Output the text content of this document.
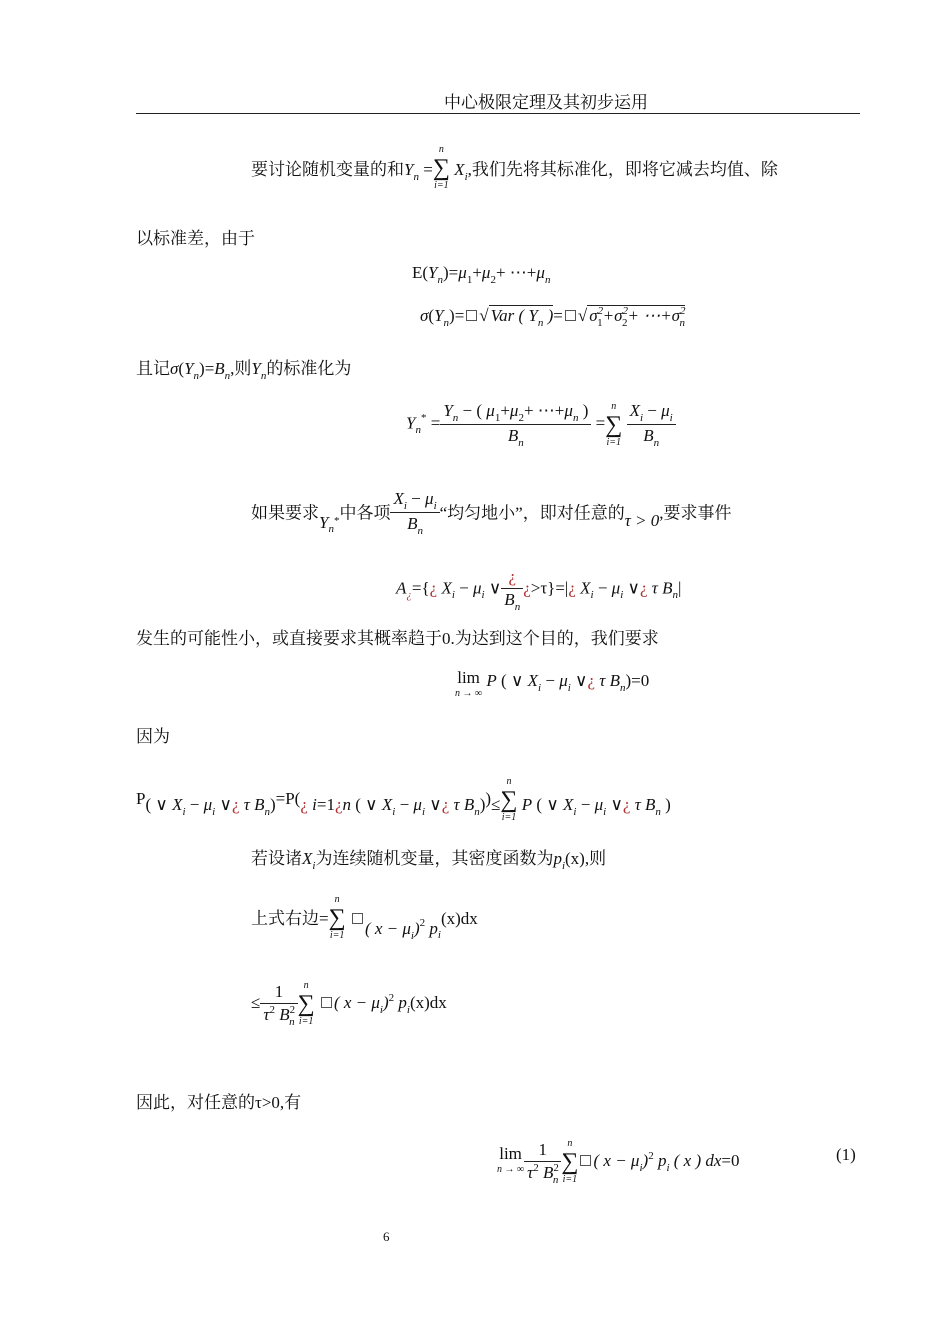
中心极限定理及其初步运用
要讨论随机变量的和$Y_n$ =
n
∑
i=1
$X_i$,我们先将其标准化，即将它减去均值、除
以标准差，由于
$E(Y_n)=\mu_1+\mu_2+$ $\cdots+\mu_n$
$\sigma(Y_n)=$ √ Var ( $Y_n$ )= √ $\sigma^2_1+\sigma^2_2+$ $\cdots+\sigma^2_n$
且记$\sigma(Y_n)=B_n$,则$Y_n$的标准化为
$Y_n^* = \frac{Y_n - ( \mu_1+\mu_2+ \cdots+\mu_n )}{B_n}$ =
n
∑
i=1
$\frac{X_i - \mu_i}{B_n}$
如果要求$Y_{n*}$中各项 $\frac{X_i - \mu_i}{B_n}$ “均匀地小”，即对任意的τ > 0,要求事件
$A_¿=\{¿$ $X_i - \mu_i$ ∨ $\frac{¿}{B_n}$ ¿>τ}=|¿ $X_i - \mu_i$ ∨¿ τ $B_n|$
发生的可能性小，或直接要求其概率趋于0.为达到这个目的，我们要求
lim
n → ∞
P ( ∨ $X_i - \mu_i$ ∨¿ τ $B_n)=0$
因为
P( ∨ $X_i - \mu_i$ ∨¿ τ $B_n)=P(¿$ i=1¿n ( ∨ $X_i - \mu_i$ ∨¿ τ $B_n))\le$
n
∑
i=1
P ( ∨ $X_i - \mu_i$ ∨¿ τ $B_n$ )
若设诸$X_i$为连续随机变量，其密度函数为$p_i(x)$,则
上式右边=
n
∑
i=1 ( $x - \mu_i)2$ $p_i(x)dx$
≤ $\frac{1}{\tau^2 B^2_n}$ n
∑
i=1
( $x - \mu_i)^2$ $p_i(x)dx$
因此，对任意的τ>0,有
lim
n → ∞ $\frac{1}{\tau^2 B^2_n}$ n
∑
i=1
( $x - \mu_i)^2$ $p_i$ ( x ) dx=0	(1)
6
